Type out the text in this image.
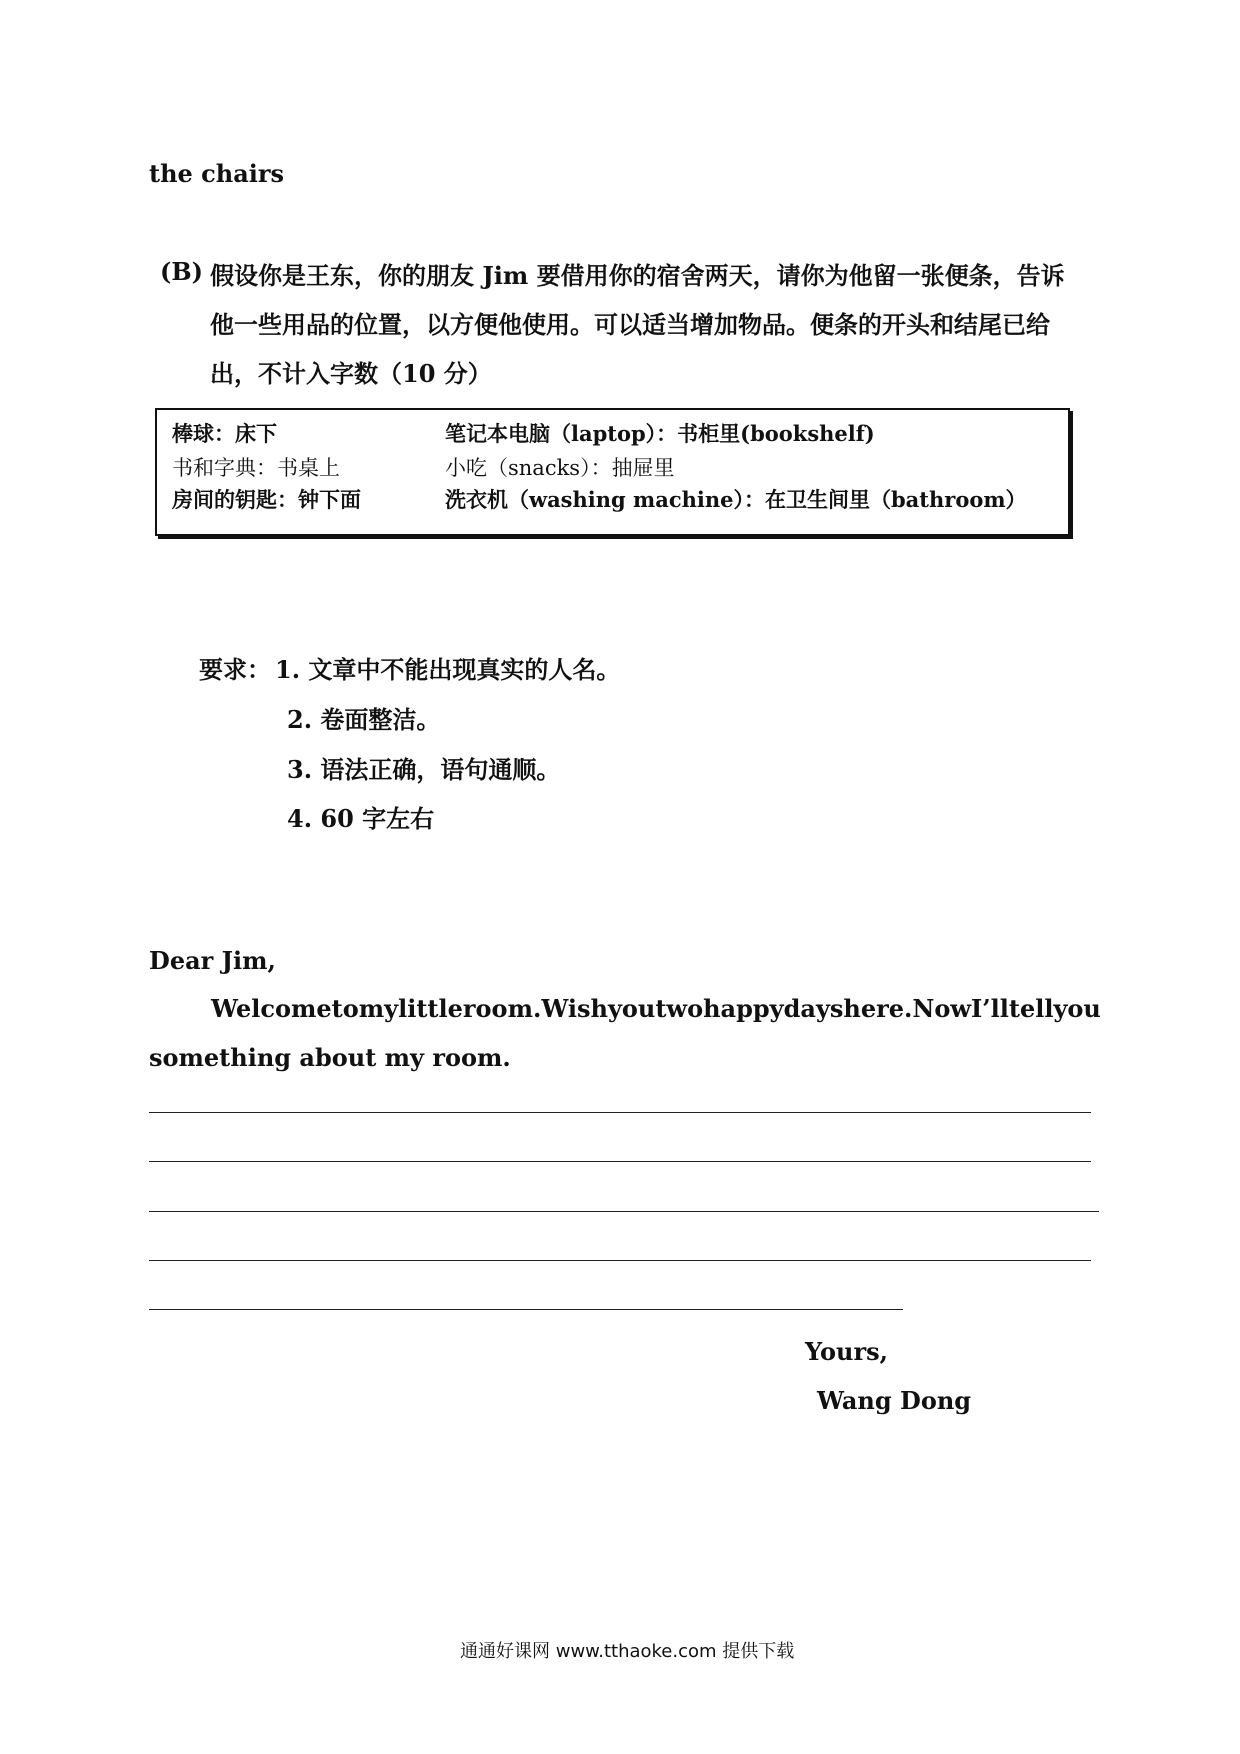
the chairs
(B) 假设你是王东，你的朋友 Jim 要借用你的宿舍两天，请你为他留一张便条，告诉
他一些用品的位置，以方便他使用。可以适当增加物品。便条的开头和结尾已给
出，不计入字数（10 分）
棒球：床下	笔记本电脑（laptop）：书柜里(bookshelf)
书和字典：书桌上	小吃（snacks）：抽屉里
房间的钥匙：钟下面	洗衣机（washing machine）：在卫生间里（bathroom）
要求： 1. 文章中不能出现真实的人名。
2. 卷面整洁。
3. 语法正确，语句通顺。
4. 60 字左右
Dear Jim,
Welcome to my little room. Wish you two happy days here. Now I’ll tell you
something about my room.
Yours,
Wang Dong
通通好课网 www.tthaoke.com 提供下载
